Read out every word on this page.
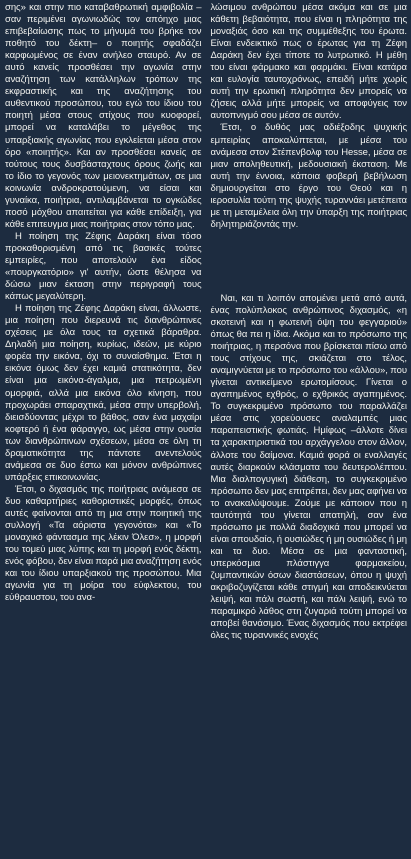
σης» και στην πιο καταβαθρωτική αμφιβολία –σαν περιμένει αγωνιωδώς τον απόηχο μιας επιβεβαίωσης πως το μήνυμά του βρήκε τον ποθητό του δέκτη– ο ποιητής σφαδάζει καρφωμένος σε έναν ανήλεο σταυρό. Αν σε αυτό κανείς προσθέσει την αγωνία στην αναζήτηση των κατάλληλων τρόπων της εκφραστικής και της αναζήτησης του αυθεντικού προσώπου, του εγώ του ίδιου του ποιητή μέσα στους στίχους που κυοφορεί, μπορεί να καταλάβει το μέγεθος της υπαρξιακής αγωνίας που εγκλείεται μέσα στον όρο «ποιητής». Και αν προσθέσει κανείς σε τούτους τους δυσβάσταχτους όρους ζωής και το ίδιο το γεγονός των μειονεκτημάτων, σε μια κοινωνία ανδροκρατούμενη, να είσαι και γυναίκα, ποιήτρια, αντιλαμβάνεται το ογκώδες ποσό μόχθου απαιτείται για κάθε επίδειξη, για κάθε επιτευγμα μιας ποιήτριας στον τόπο μας.

Η ποίηση της Ζέφης Δαράκη είναι τόσο προκαθορισμένη από τις βασικές τούτες εμπειρίες, που αποτελούν ένα είδος «πουργκατόριο» γι' αυτήν, ώστε θέλησα να δώσω μιαν έκταση στην περιγραφή τους κάπως μεγαλύτερη.

Η ποίηση της Ζέφης Δαράκη είναι, άλλωστε, μια ποίηση που διερευνά τις διανθρώπινες σχέσεις με όλα τους τα σχετικά βάραθρα. Δηλαδή μια ποίηση, κυρίως, ιδεών, με κύριο φορέα την εικόνα, όχι το συναίσθημα. Έτσι η εικόνα όμως δεν έχει καμιά στατικότητα, δεν είναι μια εικόνα-άγαλμα, μια πετρωμένη ομορφιά, αλλά μια εικόνα όλο κίνηση, που προχωράει σπαραχτικά, μέσα στην υπερβολή, διεισδύοντας μέχρι το βάθος, σαν ένα μαχαίρι κοφτερό ή ένα φάραγγο, ως μέσα στην ουσία των διανθρώπινων σχέσεων, μέσα σε όλη τη δραματικότητα της πάντοτε ανεντελούς ανάμεσα σε δυο έστω και μόνον ανθρώπινες υπάρξεις επικοινωνίας.

Έτσι, ο διχασμός της ποιήτριας ανάμεσα σε δυο καθαρτήριες καθοριστικές μορφές, όπως αυτές φαίνονται από τη μια στην ποιητική της συλλογή «Τα αόριστα γεγονότα» και «Το μοναχικό φάντασμα της λέκιν Όλεσ», η μορφή του τομεύ μιας λύπης και τη μορφή ενός δέκτη, ενός φόβου, δεν είναι παρά μια αναζήτηση ενός και του ίδιου υπαρξιακού της προσώπου. Μια αγωνία για τη μοίρα του εύφλεκτου, του εύθραυστου, του ανα-

λώσιμου ανθρώπου μέσα ακόμα και σε μια κάθετη βεβαιότητα, που είναι η πληρότητα της μοναξιάς όσο και της συμμέθεξης του έρωτα. Είναι ενδεικτικό πως ο έρωτας για τη Ζέφη Δαράκη δεν έχει τίποτε το λυτρωτικό. Η μέθη του είναι φάρμακο και φαρμάκι. Είναι κατάρα και ευλογία ταυτοχρόνως, επειδή μήτε χωρίς αυτή την ερωτική πληρότητα δεν μπορείς να ζήσεις αλλά μήτε μπορείς να αποφύγεις τον αυτοπνιγμό σου μέσα σε αυτόν.

Έτσι, ο δυθός μας αδιέξοδης ψυχικής εμπειρίας αποκαλύπτεται, με μέσα του ανάμεσα στον Στέπενβολφ του Hesse, μέσα σε μιαν αποληθευτική, μεδουσιακή έκσταση. Με αυτή την έννοια, κάποια φοβερή βεβήλωση δημιουργείται στο έργο του Θεού και η ιεροσυλία τούτη της ψυχής τυραννάει μετέπειτα με τη μεταμέλεια όλη την ύπαρξη της ποιήτριας δηλητηριάζοντάς την.

Ναι, και τι λοιπόν απομένει μετά από αυτά, ένας πολύπλοκος ανθρώπινος διχασμός, «η σκοτεινή και η φωτεινή όψη του φεγγαριού» όπως θα πει η ίδια. Ακόμα και το πρόσωπο της ποιήτριας, η περσόνα που βρίσκεται πίσω από τους στίχους της, σκιάζεται στο τέλος, αναμιγνύεται με το πρόσωπο του «άλλου», που γίνεται αντικείμενο ερωτομίσους. Γίνεται ο αγαπημένος εχθρός, ο εχθρικός αγαπημένος. Το συγκεκριμένο πρόσωπο του παραλλάζει μέσα στις χορεύουσες αναλαμπές μιας παραπειστικής φωτιάς. Ημίφως –άλλοτε δίνει τα χαρακτηριστικά του αρχάγγελου στον άλλον, άλλοτε του δαίμονα. Καμιά φορά οι εναλλαγές αυτές διαρκούν κλάσματα του δευτερολέπτου. Μια διαλπογυγική διάθεση, το συγκεκριμένο πρόσωπο δεν μας επιτρέπει, δεν μας αφήνει να το ανακαλύψουμε. Ζούμε με κάποιον που η ταυτότητά του γίνεται απατηλή, σαν ένα πρόσωπο με πολλά διαδοχικά που μπορεί να είναι σπουδαίο, ή ουσιώδες ή μη ουσιώδες ή μη και τα δυο. Μέσα σε μια φανταστική, υπερκόσμια πλάστιγγα φαρμακείου, ζυμπαντικών όσων διαστάσεων, όπου η ψυχή ακριβοζυγίζεται κάθε στιγμή και αποδεικνύεται λειψή, και πάλι σωστή, και πάλι λειψή, ενώ το παραμικρό λάθος στη ζυγαριά τούτη μπορεί να αποβεί θανάσιμο. Ένας διχασμός που εκτρέφει όλες τις τυραννικές ενοχές
